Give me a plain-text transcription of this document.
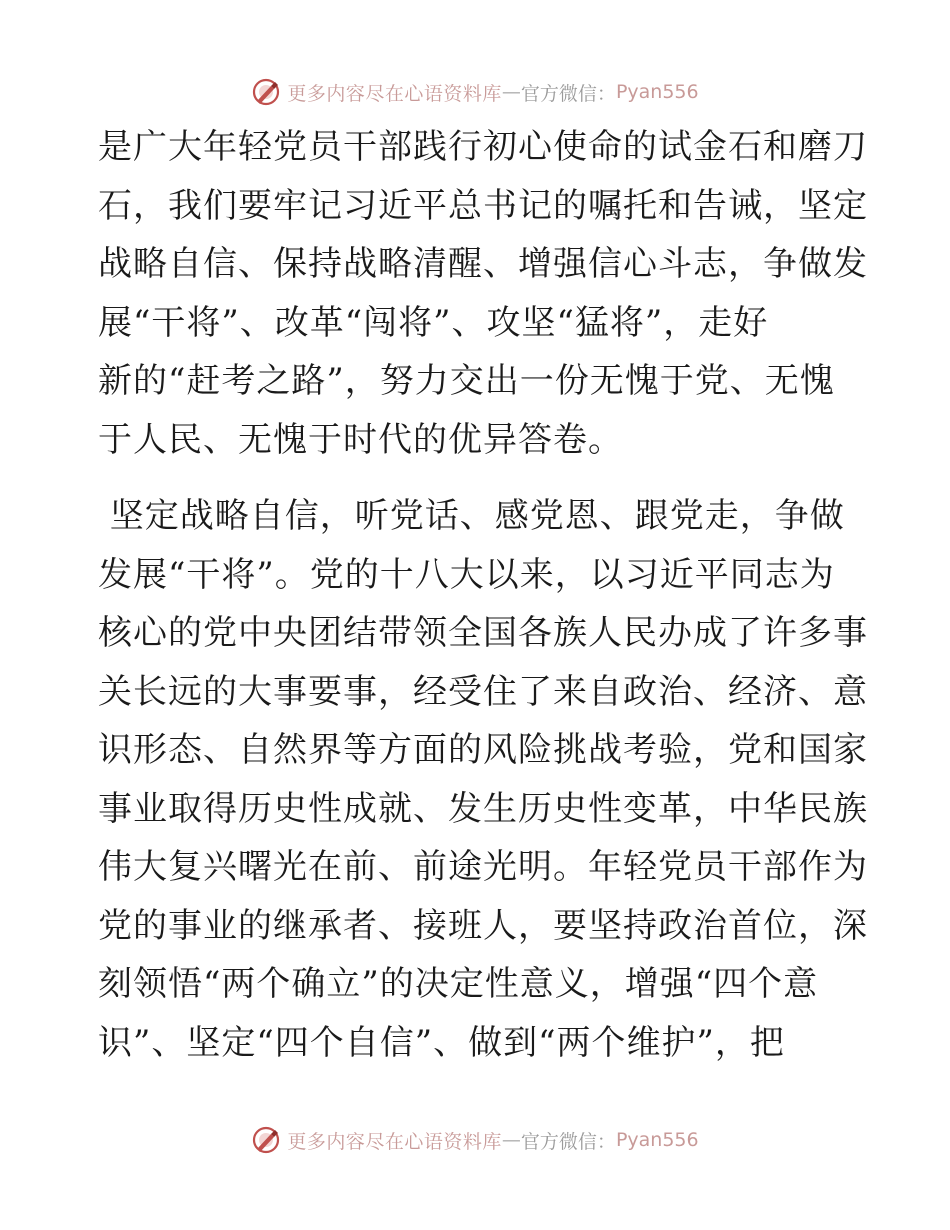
更多内容尽在心语资料库 — 官方微信： Pyan556
是广大年轻党员干部践行初心使命的试金石和磨刀
石，我们要牢记习近平总书记的嘱托和告诫，坚定
战略自信、保持战略清醒、增强信心斗志，争做发
展“干将”、改革“闯将”、攻坚“猛将”，走好
新的“赶考之路”，努力交出一份无愧于党、无愧
于人民、无愧于时代的优异答卷。
坚定战略自信，听党话、感党恩、跟党走，争做
发展“干将”。党的十八大以来，以习近平同志为
核心的党中央团结带领全国各族人民办成了许多事
关长远的大事要事，经受住了来自政治、经济、意
识形态、自然界等方面的风险挑战考验，党和国家
事业取得历史性成就、发生历史性变革，中华民族
伟大复兴曙光在前、前途光明。年轻党员干部作为
党的事业的继承者、接班人，要坚持政治首位，深
刻领悟“两个确立”的决定性意义，增强“四个意
识”、坚定“四个自信”、做到“两个维护”，把
更多内容尽在心语资料库 — 官方微信： Pyan556
